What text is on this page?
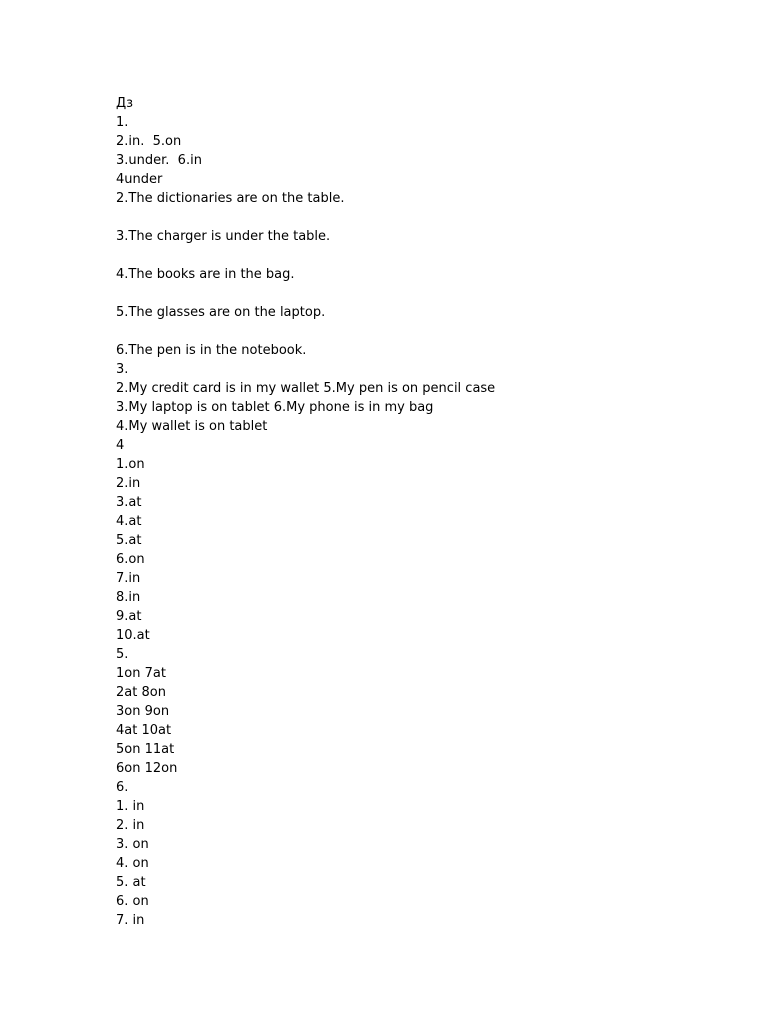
Дз
1.
2.in.  5.on
3.under.  6.in
4under
2.The dictionaries are on the table.
3.The charger is under the table.
4.The books are in the bag.
5.The glasses are on the laptop.
6.The pen is in the notebook.
3.
2.My credit card is in my wallet 5.My pen is on pencil case
3.My laptop is on tablet 6.My phone is in my bag
4.My wallet is on tablet
4
1.on
2.in
3.at
4.at
5.at
6.on
7.in
8.in
9.at
10.at
5.
1on 7at
2at 8on
3on 9on
4at 10at
5on 11at
6on 12on
6.
1. in
2. in
3. on
4. on
5. at
6. on
7. in
